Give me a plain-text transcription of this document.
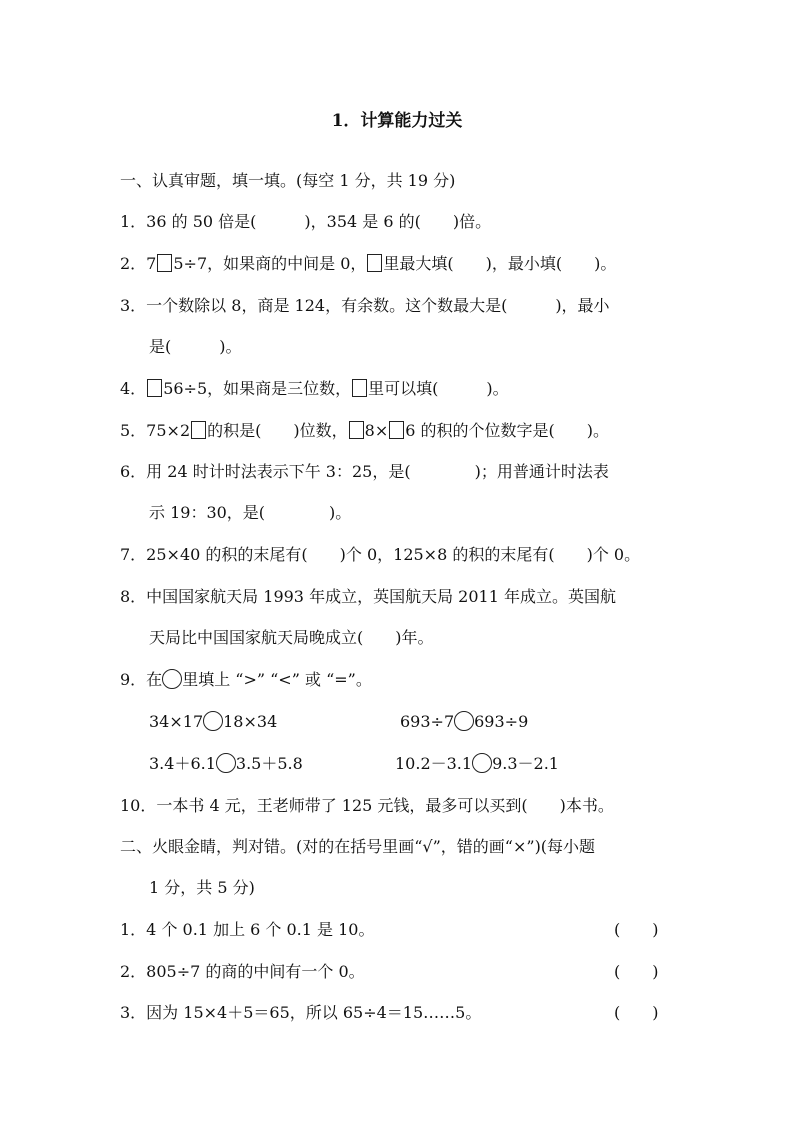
1．计算能力过关
一、认真审题，填一填。(每空 1 分，共 19 分)
1．36 的 50 倍是(　　　)，354 是 6 的(　　)倍。
2．7 5÷7，如果商的中间是 0， 里最大填(　　)，最小填(　　)。
3．一个数除以 8，商是 124，有余数。这个数最大是(　　　)，最小
是(　　　)。
4． 56÷5，如果商是三位数， 里可以填(　　　)。
5．75×2 的积是(　　)位数， 8× 6 的积的个位数字是(　　)。
6．用 24 时计时法表示下午 3：25，是(　　　　)；用普通计时法表
示 19：30，是(　　　　)。
7．25×40 的积的末尾有(　　)个 0，125×8 的积的末尾有(　　)个 0。
8．中国国家航天局 1993 年成立，英国航天局 2011 年成立。英国航
天局比中国国家航天局晚成立(　　)年。
9．在 里填上 “>” “<” 或 “=”。
34×17 18×34	693÷7 693÷9
3.4＋6.1 3.5＋5.8	10.2－3.1 9.3－2.1
10．一本书 4 元，王老师带了 125 元钱，最多可以买到(　　)本书。
二、火眼金睛，判对错。(对的在括号里画“√”，错的画“×”)(每小题
1 分，共 5 分)
1．4 个 0.1 加上 6 个 0.1 是 10。	(　　)
2．805÷7 的商的中间有一个 0。	(　　)
3．因为 15×4＋5＝65，所以 65÷4＝15……5。	(　　)
